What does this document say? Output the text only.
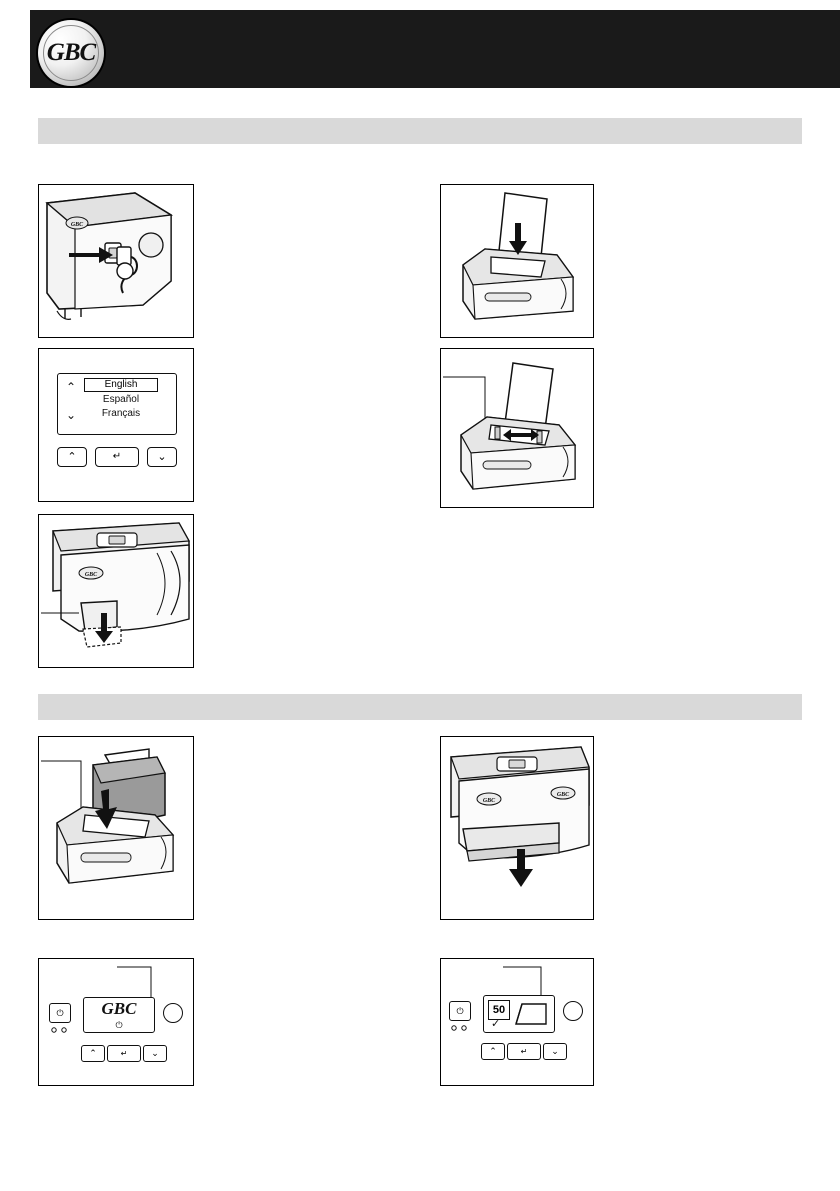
GBC
GBC
⌃
⌄
English
Español
Français
⌃	↵	⌄
GBC
GBC
⏻
⏻
⌃	↵	⌄
GBC
GBC
50
✓
⏻
⌃	↵	⌄
